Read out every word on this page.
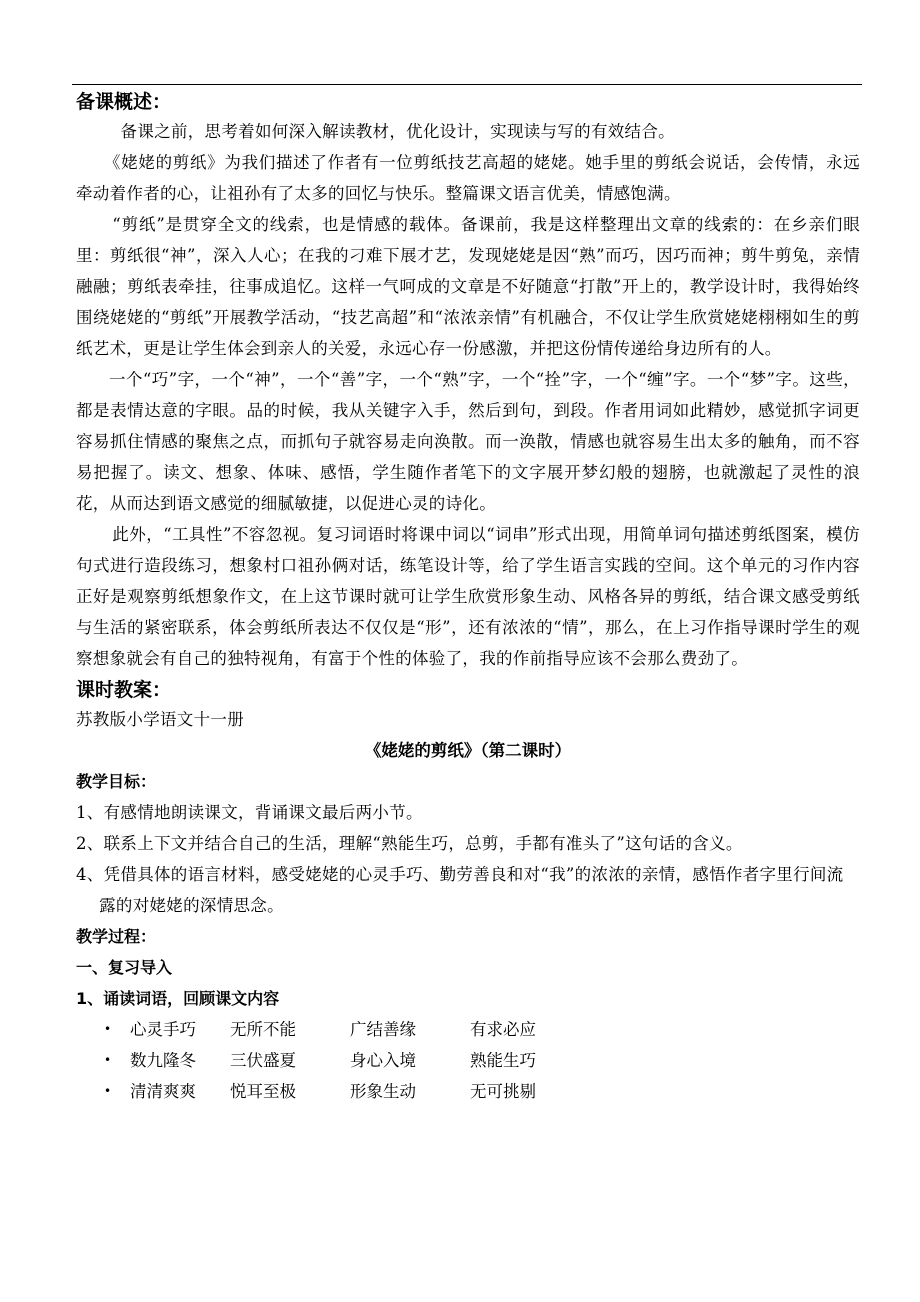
备课概述：

备课之前，思考着如何深入解读教材，优化设计，实现读与写的有效结合。

《姥姥的剪纸》为我们描述了作者有一位剪纸技艺高超的姥姥。她手里的剪纸会说话，会传情，永远牵动着作者的心，让祖孙有了太多的回忆与快乐。整篇课文语言优美，情感饱满。

“剪纸”是贯穿全文的线索，也是情感的载体。备课前，我是这样整理出文章的线索的：在乡亲们眼里：剪纸很“神”，深入人心；在我的刁难下展才艺，发现姥姥是因“熟”而巧，因巧而神；剪牛剪兔，亲情融融；剪纸表牵挂，往事成追忆。这样一气呵成的文章是不好随意“打散”开上的，教学设计时，我得始终围绕姥姥的“剪纸”开展教学活动，“技艺高超”和“浓浓亲情”有机融合，不仅让学生欣赏姥姥栩栩如生的剪纸艺术，更是让学生体会到亲人的关爱，永远心存一份感激，并把这份情传递给身边所有的人。

一个“巧”字，一个“神”，一个“善”字，一个“熟”字，一个“拴”字，一个“缠”字。一个“梦”字。这些，都是表情达意的字眼。品的时候，我从关键字入手，然后到句，到段。作者用词如此精妙，感觉抓字词更容易抓住情感的聚焦之点，而抓句子就容易走向涣散。而一涣散，情感也就容易生出太多的触角，而不容易把握了。读文、想象、体味、感悟，学生随作者笔下的文字展开梦幻般的翅膀，也就激起了灵性的浪花，从而达到语文感觉的细腻敏捷，以促进心灵的诗化。

此外，“工具性”不容忽视。复习词语时将课中词以“词串”形式出现，用简单词句描述剪纸图案，模仿句式进行造段练习，想象村口祖孙俩对话，练笔设计等，给了学生语言实践的空间。这个单元的习作内容正好是观察剪纸想象作文，在上这节课时就可让学生欣赏形象生动、风格各异的剪纸，结合课文感受剪纸与生活的紧密联系，体会剪纸所表达不仅仅是“形”，还有浓浓的“情”，那么，在上习作指导课时学生的观察想象就会有自己的独特视角，有富于个性的体验了，我的作前指导应该不会那么费劲了。

课时教案：

苏教版小学语文十一册

《姥姥的剪纸》（第二课时）

教学目标：

1、有感情地朗读课文，背诵课文最后两小节。

2、联系上下文并结合自己的生活，理解“熟能生巧，总剪，手都有准头了”这句话的含义。

4、凭借具体的语言材料，感受姥姥的心灵手巧、勤劳善良和对“我”的浓浓的亲情，感悟作者字里行间流露的对姥姥的深情思念。

教学过程：

一、复习导入

1、诵读词语，回顾课文内容

•	心灵手巧	无所不能	广结善缘	有求必应
•	数九隆冬	三伏盛夏	身心入境	熟能生巧
•	清清爽爽	悦耳至极	形象生动	无可挑剔
